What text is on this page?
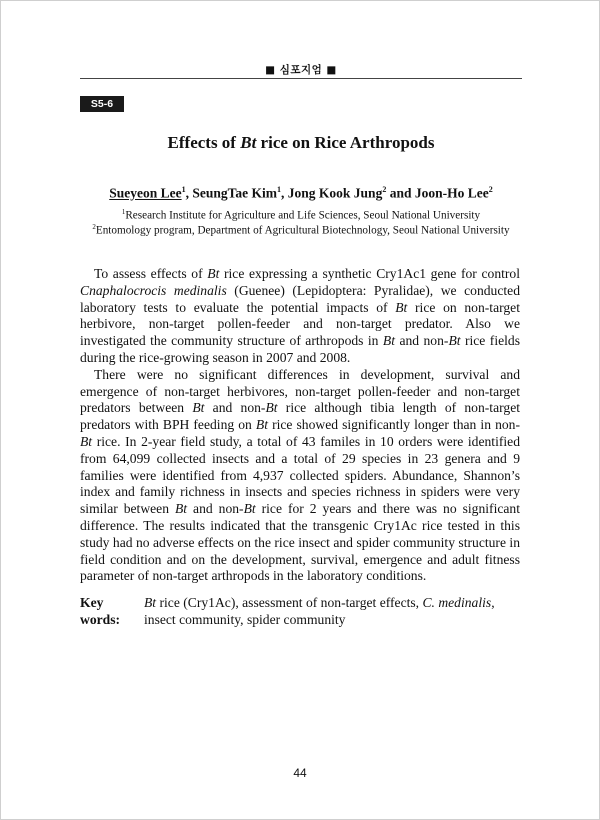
■ 심포지엄 ■
S5-6
Effects of Bt rice on Rice Arthropods
Sueyeon Lee$^1$, SeungTae Kim$^1$, Jong Kook Jung$^2$ and Joon-Ho Lee$^2$
$^1$Research Institute for Agriculture and Life Sciences, Seoul National University
$^2$Entomology program, Department of Agricultural Biotechnology, Seoul National University

To assess effects of Bt rice expressing a synthetic Cry1Ac1 gene for control Cnaphalocrocis medinalis (Guenee) (Lepidoptera: Pyralidae), we conducted laboratory tests to evaluate the potential impacts of Bt rice on non-target herbivore, non-target pollen-feeder and non-target predator. Also we investigated the community structure of arthropods in Bt and non-Bt rice fields during the rice-growing season in 2007 and 2008.

There were no significant differences in development, survival and emergence of non-target herbivores, non-target pollen-feeder and non-target predators between Bt and non-Bt rice although tibia length of non-target predators with BPH feeding on Bt rice showed significantly longer than in non-Bt rice. In 2-year field study, a total of 43 familes in 10 orders were identified from 64,099 collected insects and a total of 29 species in 23 genera and 9 families were identified from 4,937 collected spiders. Abundance, Shannon’s index and family richness in insects and species richness in spiders were very similar between Bt and non-Bt rice for 2 years and there was no significant difference. The results indicated that the transgenic Cry1Ac rice tested in this study had no adverse effects on the rice insect and spider community structure in field condition and on the development, survival, emergence and adult fitness parameter of non-target arthropods in the laboratory conditions.

Key words:
Bt rice (Cry1Ac), assessment of non-target effects, C. medinalis, insect community, spider community
44
